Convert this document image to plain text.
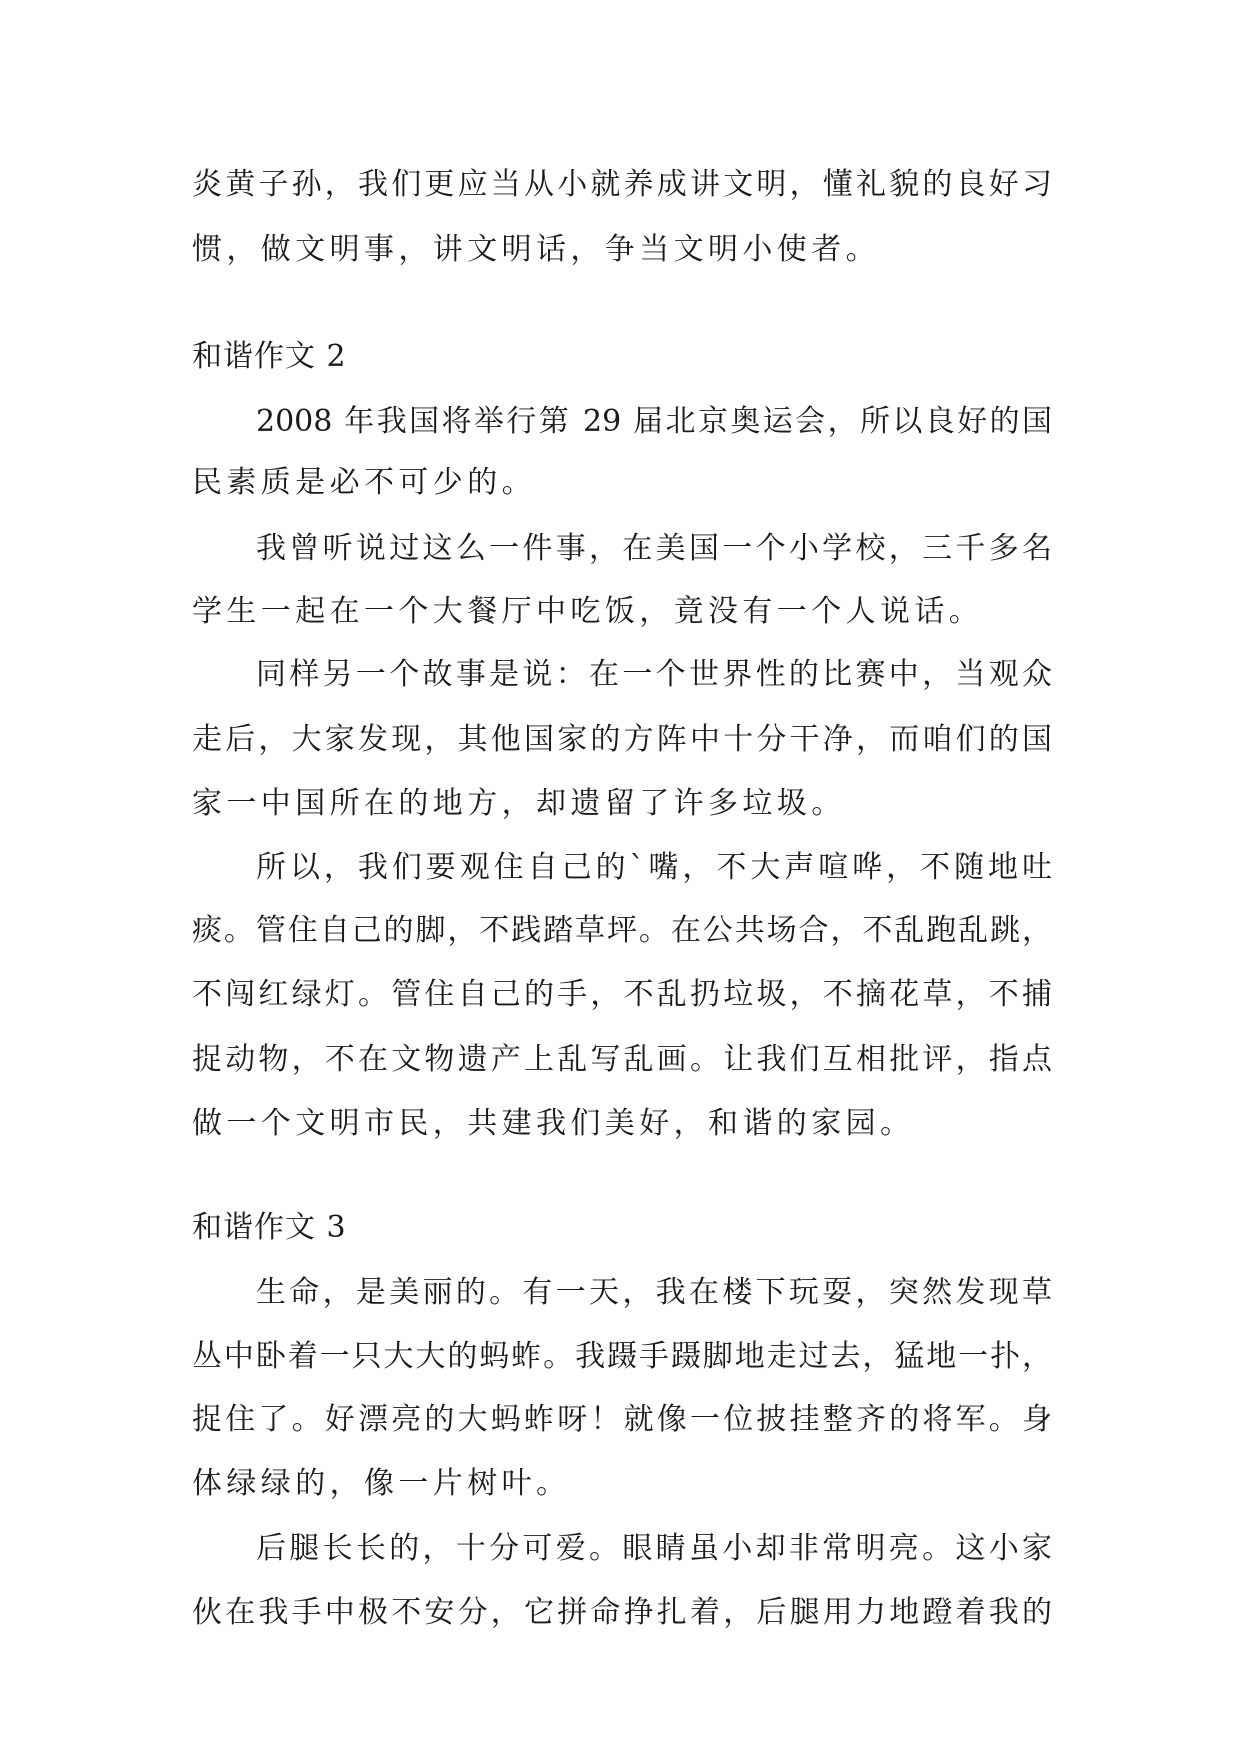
炎黄子孙，我们更应当从小就养成讲文明，懂礼貌的良好习
惯，做文明事，讲文明话，争当文明小使者。
和谐作文 2
2008 年我国将举行第 29 届北京奥运会，所以良好的国
民素质是必不可少的。
我曾听说过这么一件事，在美国一个小学校，三千多名
学生一起在一个大餐厅中吃饭，竟没有一个人说话。
同样另一个故事是说：在一个世界性的比赛中，当观众
走后，大家发现，其他国家的方阵中十分干净，而咱们的国
家一中国所在的地方，却遗留了许多垃圾。
所以，我们要观住自己的`嘴，不大声喧哗，不随地吐
痰。管住自己的脚，不践踏草坪。在公共场合，不乱跑乱跳，
不闯红绿灯。管住自己的手，不乱扔垃圾，不摘花草，不捕
捉动物，不在文物遗产上乱写乱画。让我们互相批评，指点
做一个文明市民，共建我们美好，和谐的家园。
和谐作文 3
生命，是美丽的。有一天，我在楼下玩耍，突然发现草
丛中卧着一只大大的蚂蚱。我蹑手蹑脚地走过去，猛地一扑，
捉住了。好漂亮的大蚂蚱呀！就像一位披挂整齐的将军。身
体绿绿的，像一片树叶。
后腿长长的，十分可爱。眼睛虽小却非常明亮。这小家
伙在我手中极不安分，它拼命挣扎着，后腿用力地蹬着我的
